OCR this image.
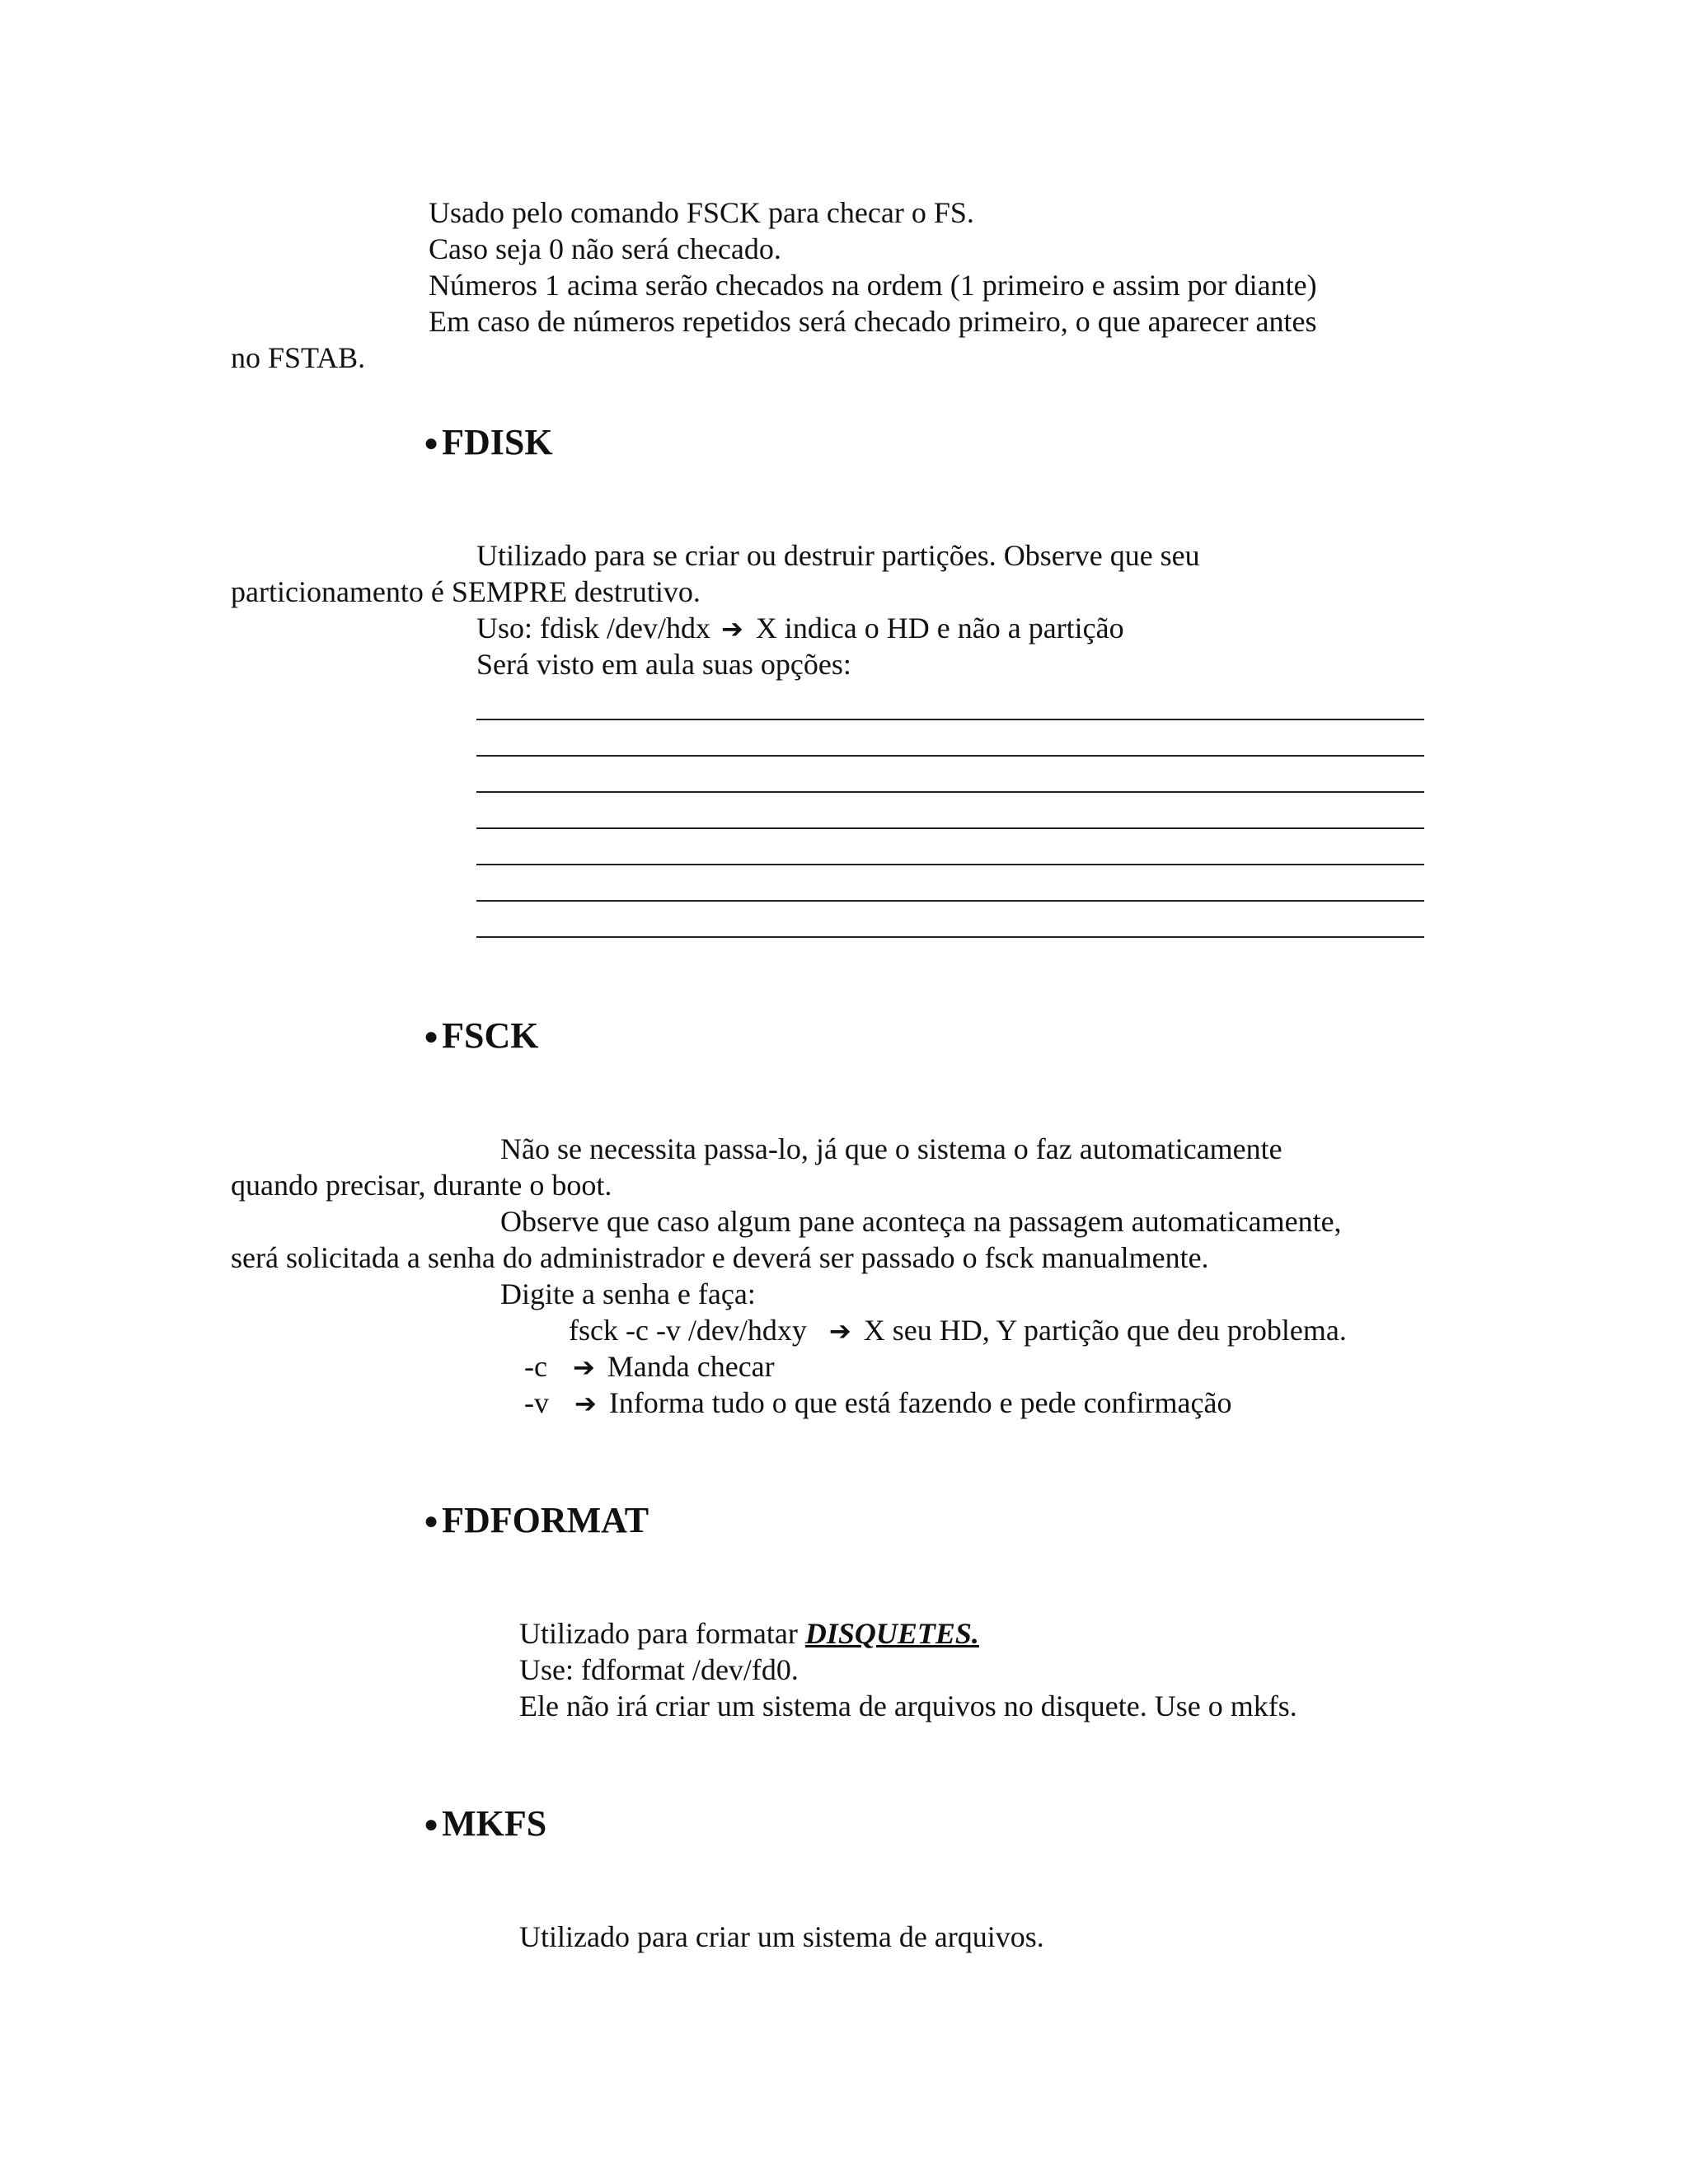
Usado pelo comando FSCK para checar o FS.
Caso seja 0 não será checado.
Números 1 acima serão checados na ordem (1 primeiro e assim por diante)
Em caso de números repetidos será checado primeiro, o que aparecer antes
no FSTAB.
●FDISK
Utilizado para se criar ou destruir partições. Observe que seu
particionamento é SEMPRE destrutivo.
Uso: fdisk /dev/hdx ➔ X indica o HD e não a partição
Será visto em aula suas opções:
●FSCK
Não se necessita passa-lo, já que o sistema o faz automaticamente
quando precisar, durante o boot.
Observe que caso algum pane aconteça na passagem automaticamente,
será solicitada a senha do administrador e deverá ser passado o fsck manualmente.
Digite a senha e faça:
fsck -c -v /dev/hdxy ➔ X seu HD, Y partição que deu problema.
-c ➔ Manda checar
-v ➔ Informa tudo o que está fazendo e pede confirmação
●FDFORMAT
Utilizado para formatar DISQUETES.
Use: fdformat /dev/fd0.
Ele não irá criar um sistema de arquivos no disquete. Use o mkfs.
●MKFS
Utilizado para criar um sistema de arquivos.
